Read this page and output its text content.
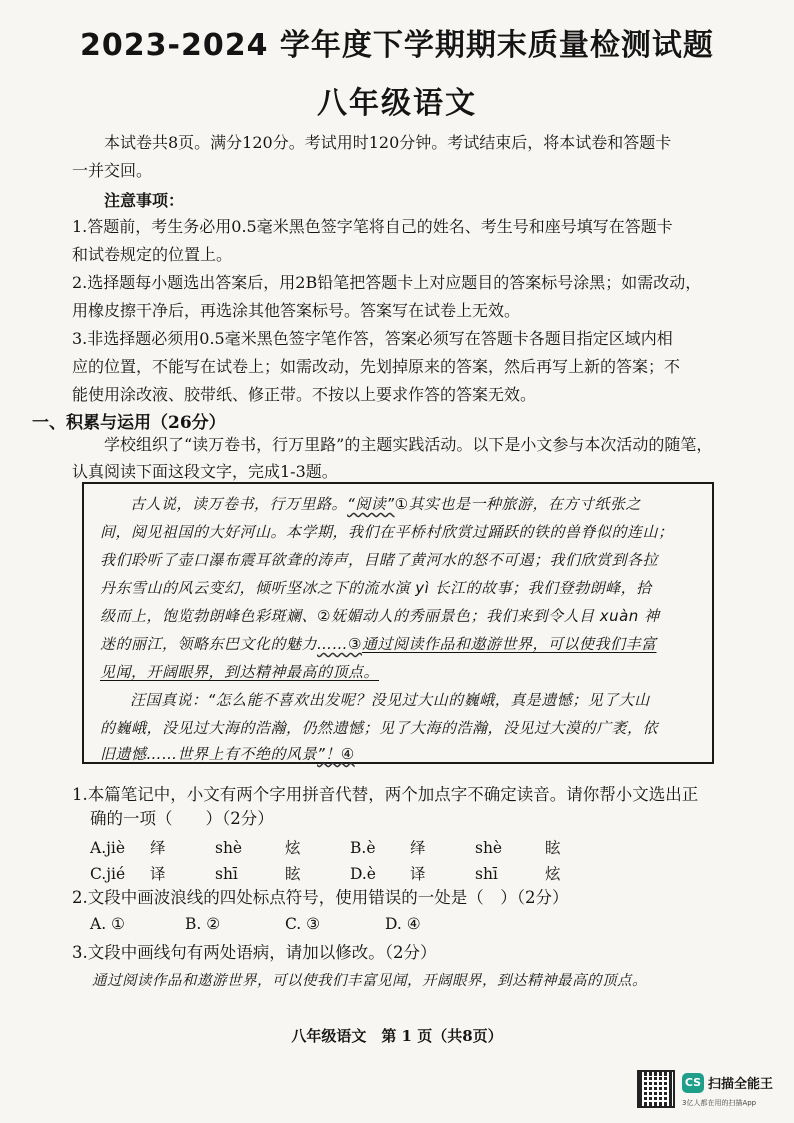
2023-2024 学年度下学期期末质量检测试题
八年级语文
本试卷共8页。满分120分。考试用时120分钟。考试结束后，将本试卷和答题卡
一并交回。
注意事项：
1.答题前，考生务必用0.5毫米黑色签字笔将自己的姓名、考生号和座号填写在答题卡
和试卷规定的位置上。
2.选择题每小题选出答案后，用2B铅笔把答题卡上对应题目的答案标号涂黑；如需改动，
用橡皮擦干净后，再选涂其他答案标号。答案写在试卷上无效。
3.非选择题必须用0.5毫米黑色签字笔作答，答案必须写在答题卡各题目指定区域内相
应的位置，不能写在试卷上；如需改动，先划掉原来的答案，然后再写上新的答案；不
能使用涂改液、胶带纸、修正带。不按以上要求作答的答案无效。
一、积累与运用（26分）
学校组织了“读万卷书，行万里路”的主题实践活动。以下是小文参与本次活动的随笔，
认真阅读下面这段文字，完成1-3题。
古人说，读万卷书，行万里路。“阅读”①其实也是一种旅游，在方寸纸张之
间，阅见祖国的大好河山。本学期，我们在平桥村欣赏过踊跃的铁的兽脊似的连山；
我们聆听了壶口瀑布震耳欲聋的涛声，目睹了黄河水的怒不可遏；我们欣赏到各拉
丹东雪山的风云变幻，倾听坚冰之下的流水演 yì 长江的故事；我们登勃朗峰，拾
级而上，饱览勃朗峰色彩斑斓、②妩媚动人的秀丽景色；我们来到令人目 xuàn 神
迷的丽江，领略东巴文化的魅力……③通过阅读作品和遨游世界，可以使我们丰富
见闻，开阔眼界，到达精神最高的顶点。
汪国真说：“怎么能不喜欢出发呢？没见过大山的巍峨，真是遗憾；见了大山
的巍峨，没见过大海的浩瀚，仍然遗憾；见了大海的浩瀚，没见过大漠的广袤，依
旧遗憾……世界上有不绝的风景”！④
1.本篇笔记中，小文有两个字用拼音代替，两个加点字不确定读音。请你帮小文选出正
确的一项（　　）（2分）
A.jiè 绎	shè	炫	B.è 绎	shè	眩
C.jié 译	shī	眩	D.è 译	shī	炫
2.文段中画波浪线的四处标点符号，使用错误的一处是（　）（2分）
A. ①	B. ②	C. ③	D. ④
3.文段中画线句有两处语病，请加以修改。（2分）
通过阅读作品和遨游世界，可以使我们丰富见闻，开阔眼界，到达精神最高的顶点。
八年级语文　第 1 页（共8页）
CS 扫描全能王
3亿人都在用的扫描App
